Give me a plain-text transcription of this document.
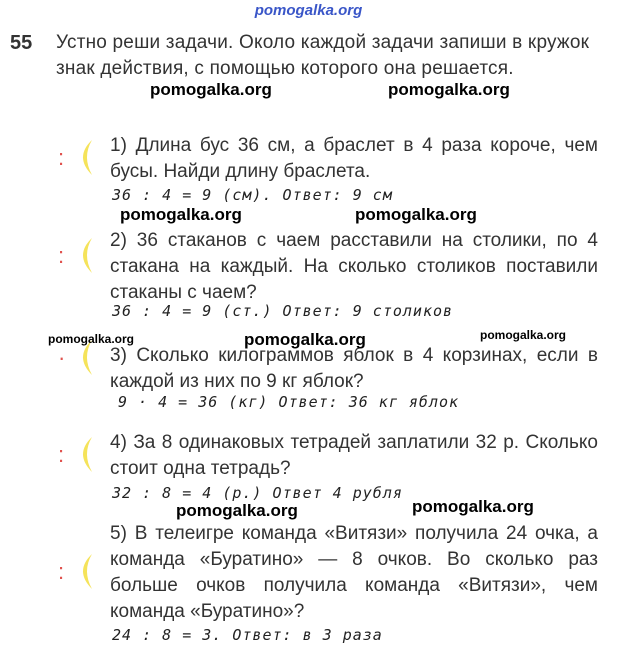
pomogalka.org
55 Устно реши задачи. Около каждой задачи запиши в кружок знак действия, с помощью которого она решается.
:
:
·
:
:
1) Длина бус 36 см, а браслет в 4 раза короче, чем бусы. Найди длину браслета.
36 : 4 = 9 (см). Ответ: 9 см
2) 36 стаканов с чаем расставили на столики, по 4 стакана на каждый. На сколько столиков поставили стаканы с чаем?
36 : 4 = 9 (ст.) Ответ: 9 столиков
3) Сколько килограммов яблок в 4 корзинах, если в каждой из них по 9 кг яблок?
9 · 4 = 36 (кг) Ответ: 36 кг яблок
4) За 8 одинаковых тетрадей заплатили 32 р. Сколько стоит одна тетрадь?
32 : 8 = 4 (р.) Ответ 4 рубля
5) В телеигре команда «Витязи» получила 24 очка, а команда «Буратино» — 8 очков. Во сколько раз больше очков получила команда «Витязи», чем команда «Буратино»?
24 : 8 = 3. Ответ: в 3 раза
pomogalka.org	pomogalka.org
pomogalka.org	pomogalka.org
pomogalka.org	pomogalka.org	pomogalka.org
pomogalka.org
pomogalka.org
